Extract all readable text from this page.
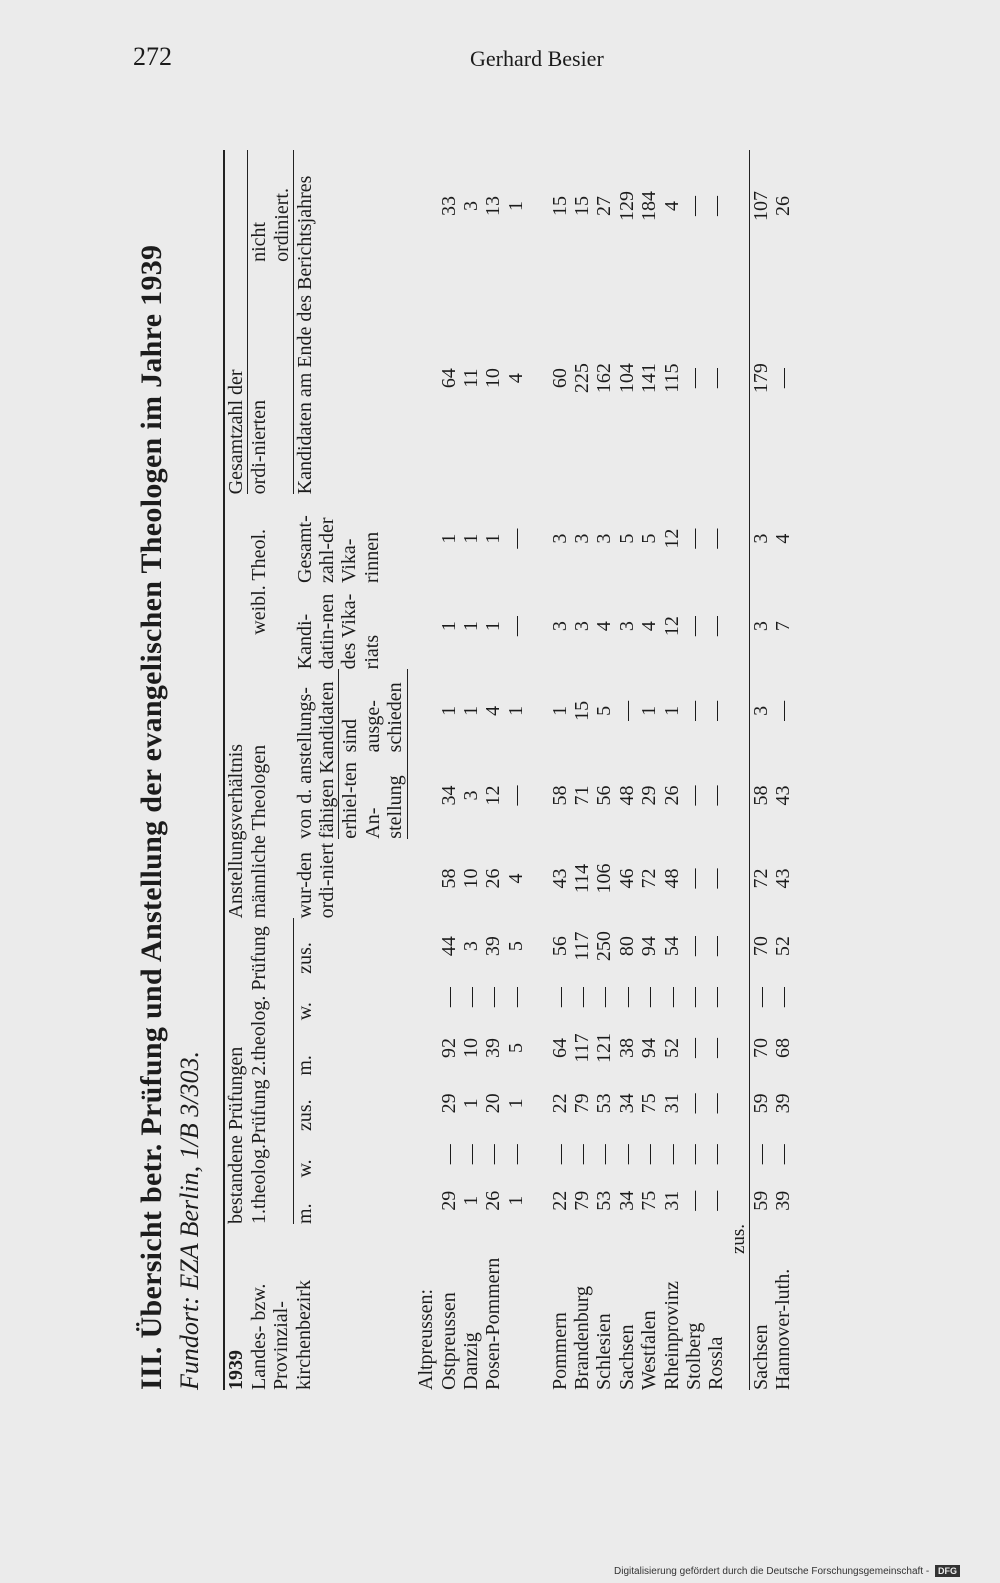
272	Gerhard Besier
III. Übersicht betr. Prüfung und Anstellung der evangelischen Theologen im Jahre 1939 Fundort: EZA Berlin, 1/B 3/303. 1939	bestandene Prüfungen						Anstellungsverhältnis					Gesamtzahl der	
Landes- bzw. Provinzial-kirchenbezirk	1.theolog.Prüfung			2.theolog. Prüfung			männliche Theologen			weibl. Theol.		ordi-nierten	nicht ordiniert.
	m.	w.	zus.	m.	w.	zus.	wur-den ordi-niert	von d. anstellungs-fähigen Kandidaten		Kandi-datin-nen des Vika-riats	Gesamt-zahl-der Vika-rinnen	Kandidaten am Ende des Berichtsjahres	
								erhiel-ten An-stellung	sind ausge-schieden				
Altpreussen:													
Ostpreussen	29	—	29	92	—	44	58	34	1	1	1	64	33
Danzig	1	—	1	10	—	3	10	3	1	1	1	11	3
Posen-Pommern	26	—	20	39	—	39	26	12	4	1	1	10	13
	1	—	1	5	—	5	4	—	1	—	—	4	1
Pommern	22	—	22	64	—	56	43	58	1	3	3	60	15
Brandenburg	79	—	79	117	—	117	114	71	15	3	3	225	15
Schlesien	53	—	53	121	—	250	106	56	5	4	3	162	27
Sachsen	34	—	34	38	—	80	46	48	—	3	5	104	129
Westfalen	75	—	75	94	—	94	72	29	1	4	5	141	184
Rheinprovinz	31	—	31	52	—	54	48	26	1	12	12	115	4
Stolberg	—	—	—	—	—	—	—	—	—	—	—	—	—
Rossla	—	—	—	—	—	—	—	—	—	—	—	—	—
zus.													
Sachsen	59	—	59	70	—	70	72	58	3	3	3	179	107
Hannover-luth.	39	—	39	68	—	52	43	43	—	7	4	—	26
Digitalisierung gefördert durch die Deutsche Forschungsgemeinschaft - DFG
